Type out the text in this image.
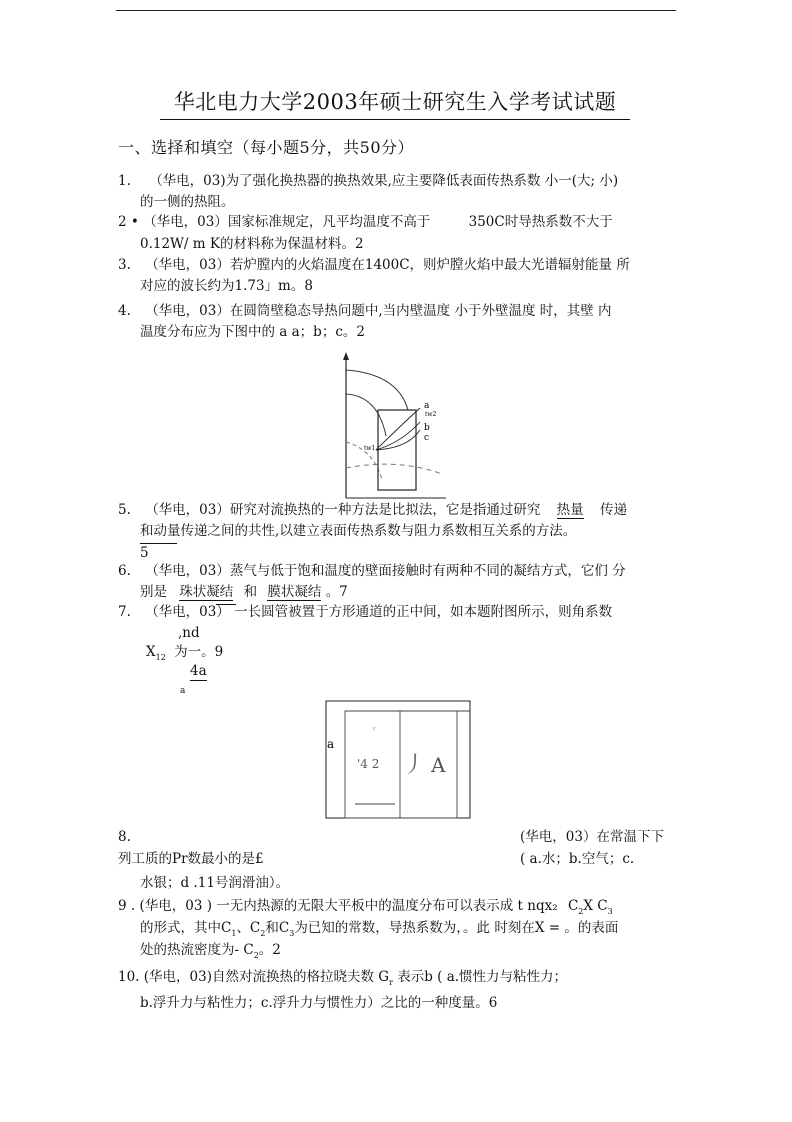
华北电力大学2003年硕士研究生入学考试试题
一、选择和填空（每小题5分，共50分）
1. （华电，03)为了强化换热器的换热效果,应主要降低表面传热系数 小一(大; 小)
的一侧的热阻。
2 • （华电，03）国家标准规定，凡平均温度不高于	350C时导热系数不大于
0.12W/ m K的材料称为保温材料。2
3. （华电，03）若炉膛内的火焰温度在1400C，则炉膛火焰中最大光谱辐射能量 所
对应的波长约为1.73」m。8
4. （华电，03）在圆筒壁稳态导热问题中,当内壁温度 小于外壁温度 时，其壁 内
温度分布应为下图中的 a a；b；c。2
a
tw2
b
c
tw1
5. （华电，03）研究对流换热的一种方法是比拟法，它是指通过研究 热量 传递
和动量传递之间的共性,以建立表面传热系数与阻力系数相互关系的方法。
5
6. （华电，03）蒸气与低于饱和温度的壁面接触时有两种不同的凝结方式，它们 分
别是 珠状凝结 和 膜状凝结 。7
7. （华电，03） 一长圆管被置于方形通道的正中间，如本题附图所示，则角系数
,nd
$X_{12}$ 为一。9
4a
a
a
r
'4 2 丿 A
8.	(华电，03）在常温下下
列工质的Pr数最小的是£	( a.水；b.空气；c.
水银；d .11号润滑油）。
9 . (华电，03 ) 一无内热源的无限大平板中的温度分布可以表示成 t nqx₂ $C_2X$ $C_3$
的形式，其中$C_1$、$C_2$和$C_3$为已知的常数，导热系数为，。此 时刻在X = 。的表面
处的热流密度为- $C_2$。2
10. (华电，03)自然对流换热的格拉晓夫数 $G_r$ 表示b ( a.惯性力与粘性力；
b.浮升力与粘性力；c.浮升力与惯性力）之比的一种度量。6
